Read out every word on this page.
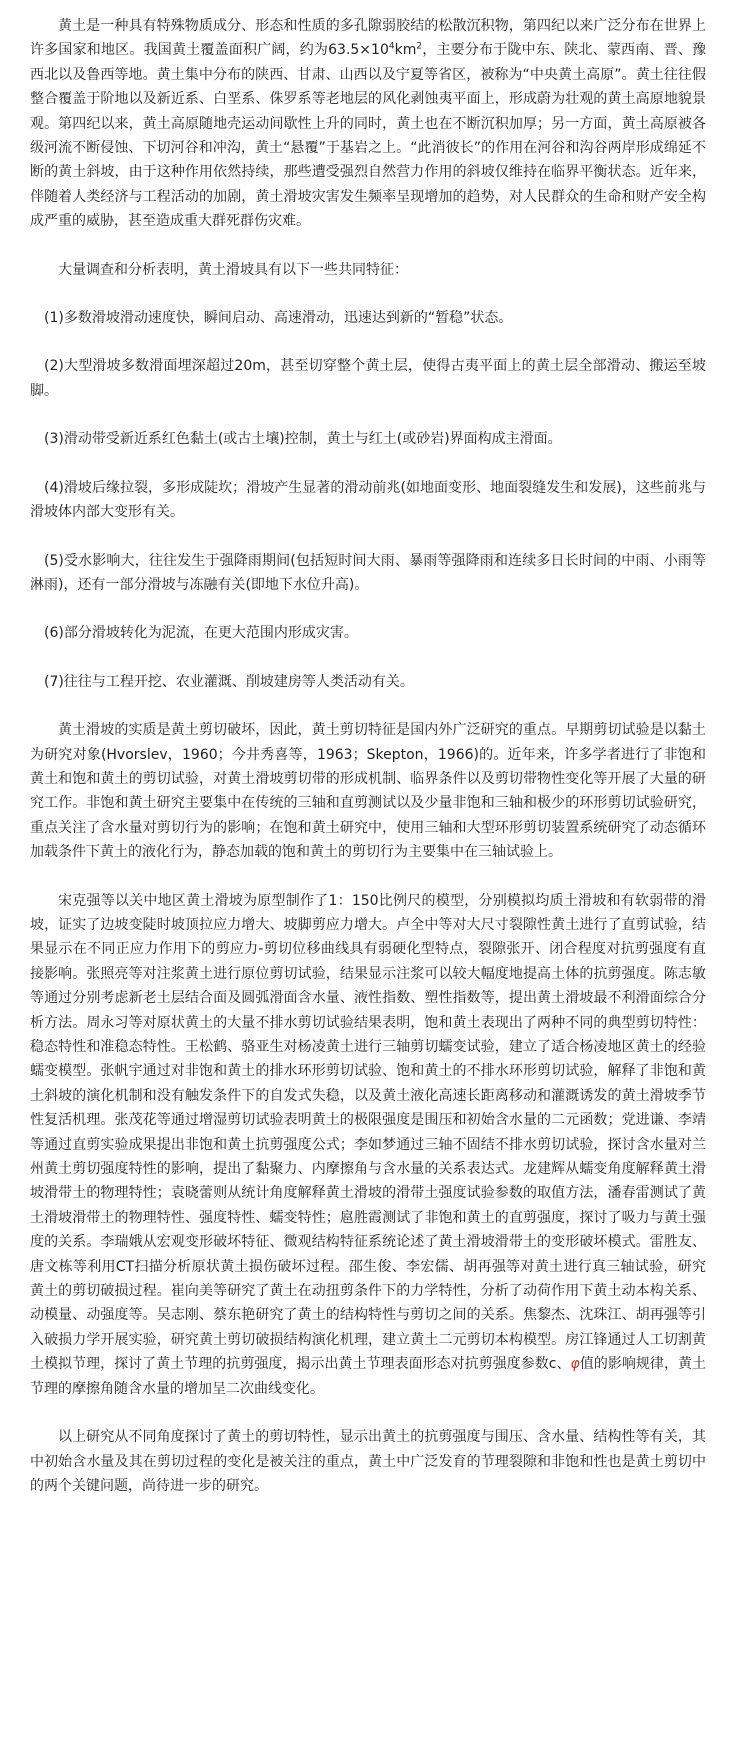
黄土是一种具有特殊物质成分、形态和性质的多孔隙弱胶结的松散沉积物，第四纪以来广泛分布在世界上许多国家和地区。我国黄土覆盖面积广阔，约为$63.5\times 10^4km^2$，主要分布于陇中东、陕北、蒙西南、晋、豫西北以及鲁西等地。黄土集中分布的陕西、甘肃、山西以及宁夏等省区，被称为“中央黄土高原”。黄土往往假整合覆盖于阶地以及新近系、白垩系、侏罗系等老地层的风化剥蚀夷平面上，形成蔚为壮观的黄土高原地貌景观。第四纪以来，黄土高原随地壳运动间歇性上升的同时，黄土也在不断沉积加厚；另一方面，黄土高原被各级河流不断侵蚀、下切河谷和冲沟，黄土“悬覆”于基岩之上。“此消彼长”的作用在河谷和沟谷两岸形成绵延不断的黄土斜坡，由于这种作用依然持续，那些遭受强烈自然营力作用的斜坡仅维持在临界平衡状态。近年来，伴随着人类经济与工程活动的加剧，黄土滑坡灾害发生频率呈现增加的趋势，对人民群众的生命和财产安全构成严重的威胁，甚至造成重大群死群伤灾难。

大量调查和分析表明，黄土滑坡具有以下一些共同特征：

(1)多数滑坡滑动速度快，瞬间启动、高速滑动，迅速达到新的“暂稳”状态。

(2)大型滑坡多数滑面埋深超过20m，甚至切穿整个黄土层，使得古夷平面上的黄土层全部滑动、搬运至坡脚。

(3)滑动带受新近系红色黏土(或古土壤)控制，黄土与红土(或砂岩)界面构成主滑面。

(4)滑坡后缘拉裂，多形成陡坎；滑坡产生显著的滑动前兆(如地面变形、地面裂缝发生和发展)，这些前兆与滑坡体内部大变形有关。

(5)受水影响大，往往发生于强降雨期间(包括短时间大雨、暴雨等强降雨和连续多日长时间的中雨、小雨等淋雨)，还有一部分滑坡与冻融有关(即地下水位升高)。

(6)部分滑坡转化为泥流，在更大范围内形成灾害。

(7)往往与工程开挖、农业灌溉、削坡建房等人类活动有关。

黄土滑坡的实质是黄土剪切破坏，因此，黄土剪切特征是国内外广泛研究的重点。早期剪切试验是以黏土为研究对象(Hvorslev，1960；今井秀喜等，1963；Skepton，1966)的。近年来，许多学者进行了非饱和黄土和饱和黄土的剪切试验，对黄土滑坡剪切带的形成机制、临界条件以及剪切带物性变化等开展了大量的研究工作。非饱和黄土研究主要集中在传统的三轴和直剪测试以及少量非饱和三轴和极少的环形剪切试验研究，重点关注了含水量对剪切行为的影响；在饱和黄土研究中，使用三轴和大型环形剪切装置系统研究了动态循环加载条件下黄土的液化行为，静态加载的饱和黄土的剪切行为主要集中在三轴试验上。

宋克强等以关中地区黄土滑坡为原型制作了1：150比例尺的模型，分别模拟均质土滑坡和有软弱带的滑坡，证实了边坡变陡时坡顶拉应力增大、坡脚剪应力增大。卢全中等对大尺寸裂隙性黄土进行了直剪试验，结果显示在不同正应力作用下的剪应力-剪切位移曲线具有弱硬化型特点，裂隙张开、闭合程度对抗剪强度有直接影响。张照亮等对注浆黄土进行原位剪切试验，结果显示注浆可以较大幅度地提高土体的抗剪强度。陈志敏等通过分别考虑新老土层结合面及圆弧滑面含水量、液性指数、塑性指数等，提出黄土滑坡最不利滑面综合分析方法。周永习等对原状黄土的大量不排水剪切试验结果表明，饱和黄土表现出了两种不同的典型剪切特性：稳态特性和准稳态特性。王松鹤、骆亚生对杨凌黄土进行三轴剪切蠕变试验，建立了适合杨凌地区黄土的经验蠕变模型。张帆宇通过对非饱和黄土的排水环形剪切试验、饱和黄土的不排水环形剪切试验，解释了非饱和黄土斜坡的演化机制和没有触发条件下的自发式失稳，以及黄土液化高速长距离移动和灌溉诱发的黄土滑坡季节性复活机理。张茂花等通过增湿剪切试验表明黄土的极限强度是围压和初始含水量的二元函数；党进谦、李靖等通过直剪实验成果提出非饱和黄土抗剪强度公式；李如梦通过三轴不固结不排水剪切试验，探讨含水量对兰州黄土剪切强度特性的影响，提出了黏聚力、内摩擦角与含水量的关系表达式。龙建辉从蠕变角度解释黄土滑坡滑带土的物理特性；袁晓蕾则从统计角度解释黄土滑坡的滑带土强度试验参数的取值方法，潘春雷测试了黄土滑坡滑带土的物理特性、强度特性、蠕变特性；扈胜霞测试了非饱和黄土的直剪强度，探讨了吸力与黄土强度的关系。李瑞娥从宏观变形破坏特征、微观结构特征系统论述了黄土滑坡滑带土的变形破坏模式。雷胜友、唐文栋等利用CT扫描分析原状黄土损伤破坏过程。邵生俊、李宏儒、胡再强等对黄土进行真三轴试验，研究黄土的剪切破损过程。崔向美等研究了黄土在动扭剪条件下的力学特性，分析了动荷作用下黄土动本构关系、动模量、动强度等。吴志刚、蔡东艳研究了黄土的结构特性与剪切之间的关系。焦黎杰、沈珠江、胡再强等引入破损力学开展实验，研究黄土剪切破损结构演化机理，建立黄土二元剪切本构模型。房江锋通过人工切割黄土模拟节理，探讨了黄土节理的抗剪强度，揭示出黄土节理表面形态对抗剪强度参数c、φ值的影响规律，黄土节理的摩擦角随含水量的增加呈二次曲线变化。

以上研究从不同角度探讨了黄土的剪切特性，显示出黄土的抗剪强度与围压、含水量、结构性等有关，其中初始含水量及其在剪切过程的变化是被关注的重点，黄土中广泛发育的节理裂隙和非饱和性也是黄土剪切中的两个关键问题，尚待进一步的研究。
